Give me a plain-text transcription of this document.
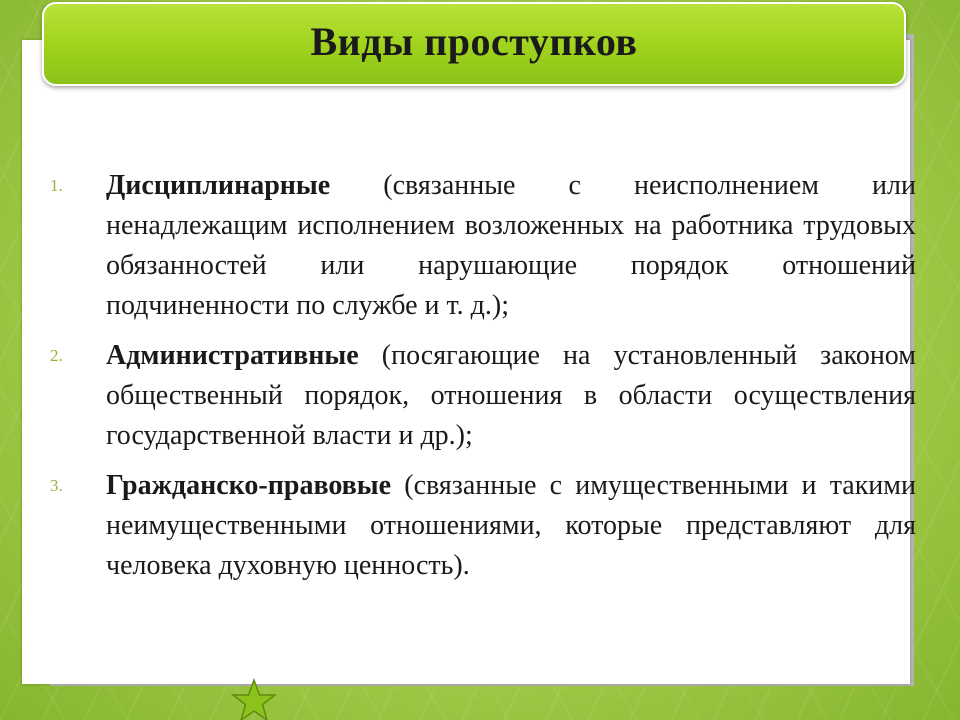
1. Дисциплинарные (связанные с неисполнением или ненадлежащим исполнением возложенных на работника трудовых обязанностей или нарушающие порядок отношений подчиненности по службе и т. д.);
2. Административные (посягающие на установленный законом общественный порядок, отношения в области осуществления государственной власти и др.);
3. Гражданско-правовые (связанные с имущественными и такими неимущественными отношениями, которые представляют для человека духовную ценность).
Виды проступков
